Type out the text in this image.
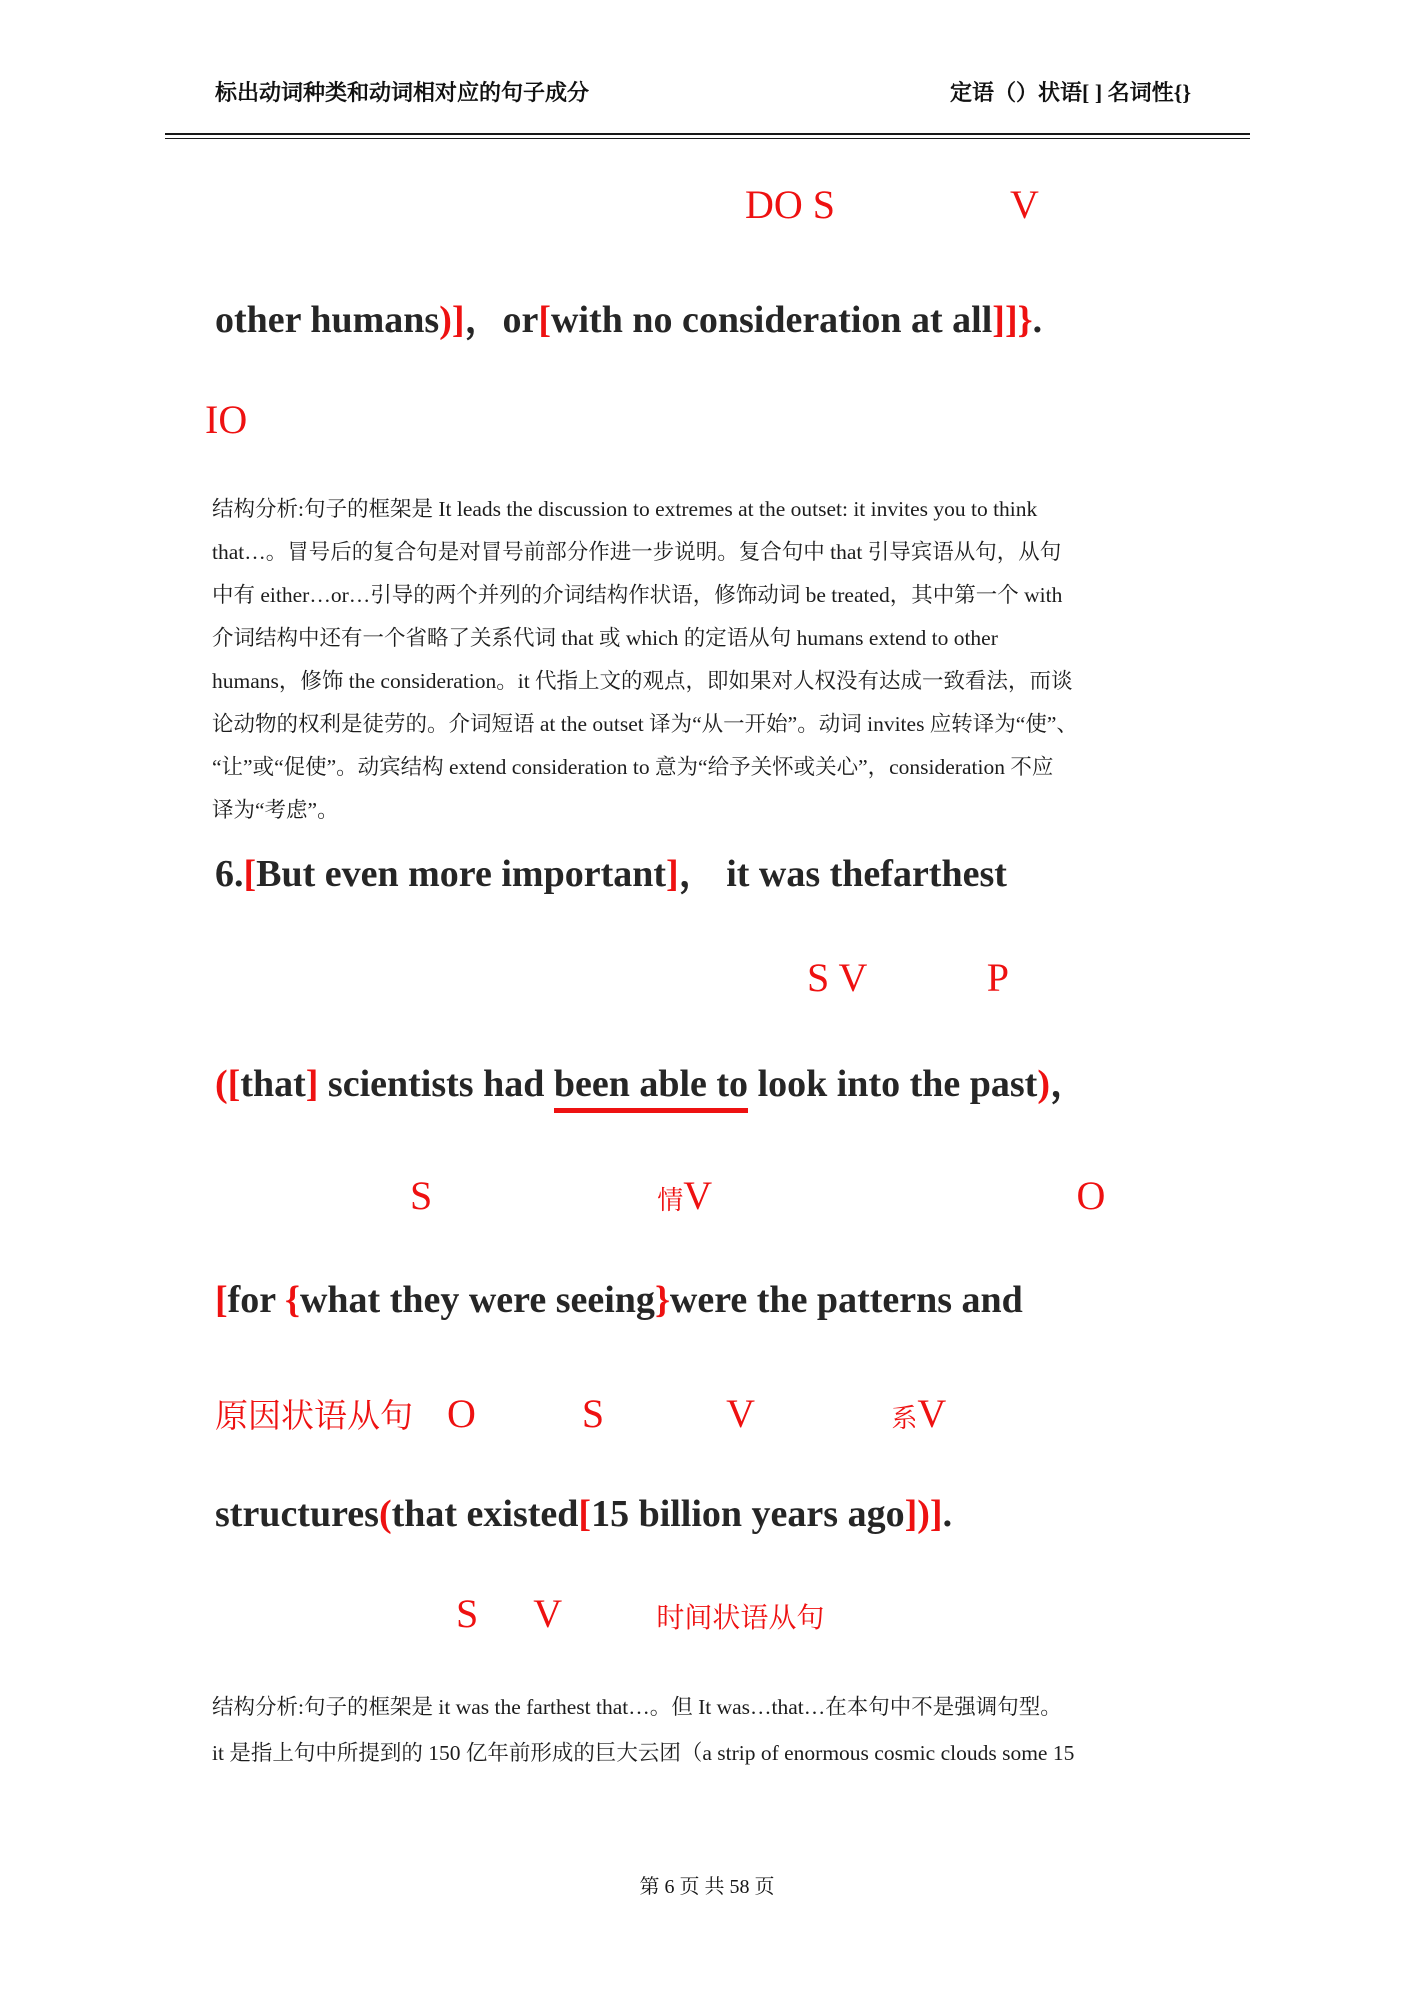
标出动词种类和动词相对应的句子成分	定语（）状语[ ] 名词性{}
DO S	V
other humans)]，or[with no consideration at all]]}.
IO
结构分析:句子的框架是 It leads the discussion to extremes at the outset: it invites you to think
that…。冒号后的复合句是对冒号前部分作进一步说明。复合句中 that 引导宾语从句，从句
中有 either…or…引导的两个并列的介词结构作状语，修饰动词 be treated，其中第一个 with
介词结构中还有一个省略了关系代词 that 或 which 的定语从句 humans extend to other
humans，修饰 the consideration。it 代指上文的观点，即如果对人权没有达成一致看法，而谈
论动物的权利是徒劳的。介词短语 at the outset 译为“从一开始”。动词 invites 应转译为“使”、
“让”或“促使”。动宾结构 extend consideration to 意为“给予关怀或关心”，consideration 不应
译为“考虑”。
6.[But even more important]， it was thefarthest
S V	P
([that] scientists had been able to look into the past)，
S	情V	O
[for {what they were seeing}were the patterns and
原因状语从句 O	S	V	系V
structures(that existed[15 billion years ago])].
S V	时间状语从句
结构分析:句子的框架是 it was the farthest that…。但 It was…that…在本句中不是强调句型。
it 是指上句中所提到的 150 亿年前形成的巨大云团（a strip of enormous cosmic clouds some 15
第 6 页 共 58 页
